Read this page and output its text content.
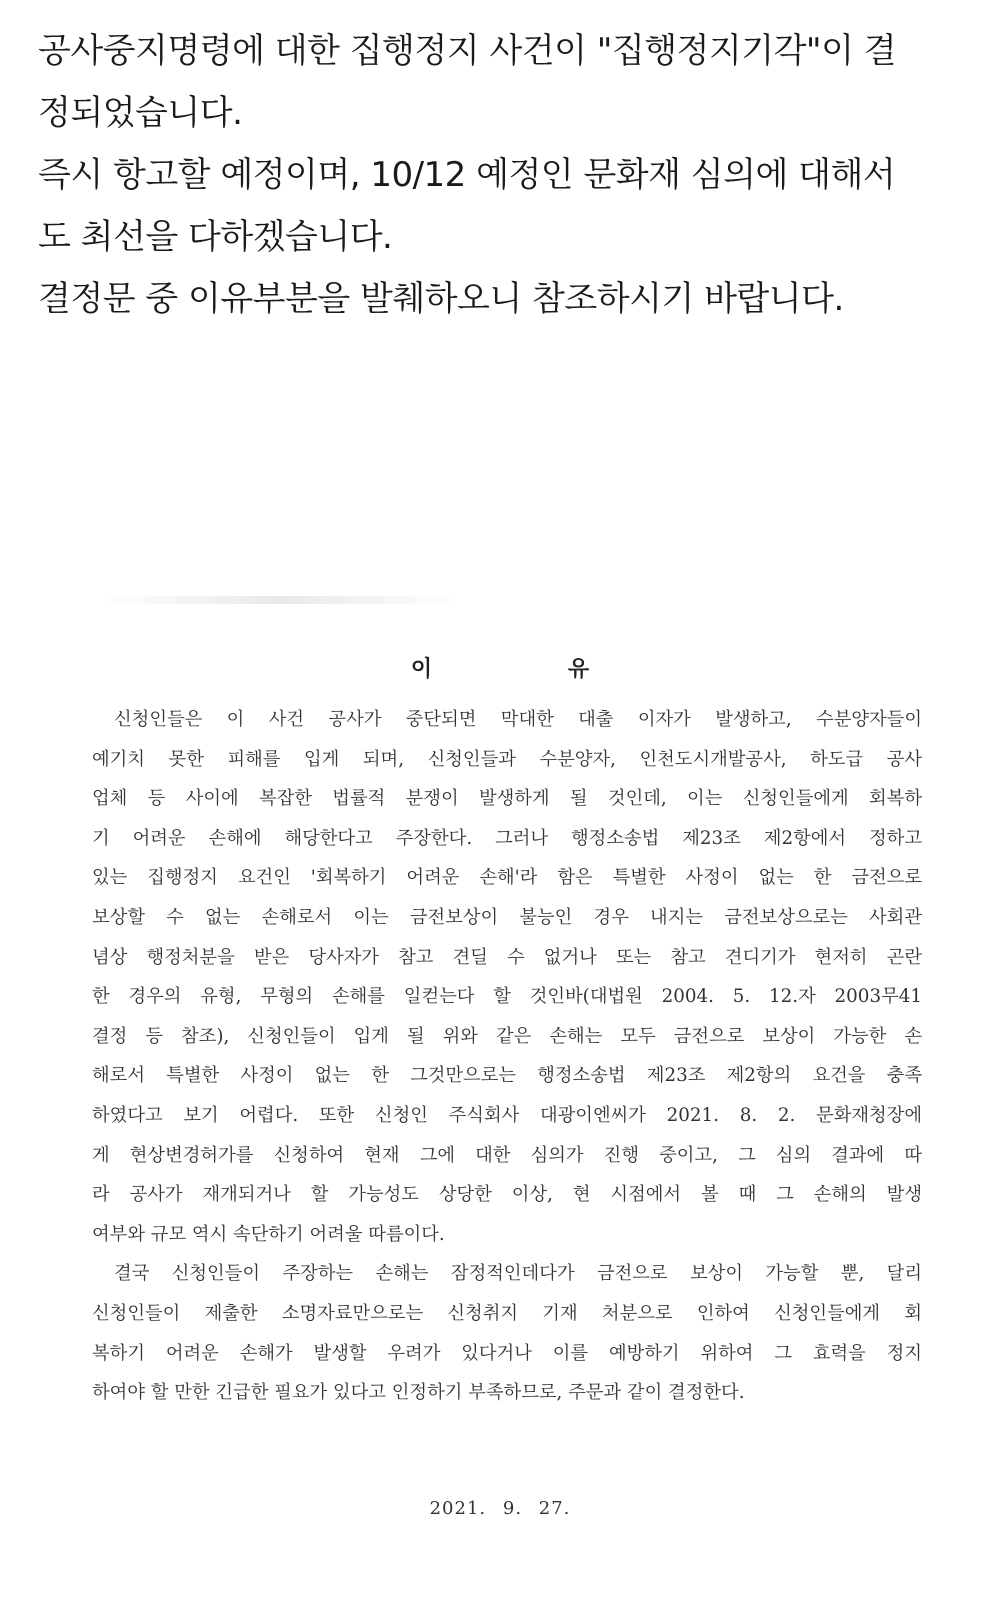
공사중지명령에 대한 집행정지 사건이 "집행정지기각"이 결

정되었습니다.

즉시 항고할 예정이며, 10/12 예정인 문화재 심의에 대해서

도 최선을 다하겠습니다.

결정문 중 이유부분을 발췌하오니 참조하시기 바랍니다.

이 유
신청인들은 이 사건 공사가 중단되면 막대한 대출 이자가 발생하고, 수분양자들이
예기치 못한 피해를 입게 되며, 신청인들과 수분양자, 인천도시개발공사, 하도급 공사
업체 등 사이에 복잡한 법률적 분쟁이 발생하게 될 것인데, 이는 신청인들에게 회복하
기 어려운 손해에 해당한다고 주장한다. 그러나 행정소송법 제23조 제2항에서 정하고
있는 집행정지 요건인 '회복하기 어려운 손해'라 함은 특별한 사정이 없는 한 금전으로
보상할 수 없는 손해로서 이는 금전보상이 불능인 경우 내지는 금전보상으로는 사회관
념상 행정처분을 받은 당사자가 참고 견딜 수 없거나 또는 참고 견디기가 현저히 곤란
한 경우의 유형, 무형의 손해를 일컫는다 할 것인바(대법원 2004. 5. 12.자 2003무41
결정 등 참조), 신청인들이 입게 될 위와 같은 손해는 모두 금전으로 보상이 가능한 손
해로서 특별한 사정이 없는 한 그것만으로는 행정소송법 제23조 제2항의 요건을 충족
하였다고 보기 어렵다. 또한 신청인 주식회사 대광이엔씨가 2021. 8. 2. 문화재청장에
게 현상변경허가를 신청하여 현재 그에 대한 심의가 진행 중이고, 그 심의 결과에 따
라 공사가 재개되거나 할 가능성도 상당한 이상, 현 시점에서 볼 때 그 손해의 발생
여부와 규모 역시 속단하기 어려울 따름이다.
결국 신청인들이 주장하는 손해는 잠정적인데다가 금전으로 보상이 가능할 뿐, 달리
신청인들이 제출한 소명자료만으로는 신청취지 기재 처분으로 인하여 신청인들에게 회
복하기 어려운 손해가 발생할 우려가 있다거나 이를 예방하기 위하여 그 효력을 정지
하여야 할 만한 긴급한 필요가 있다고 인정하기 부족하므로, 주문과 같이 결정한다.
2021. 9. 27.
